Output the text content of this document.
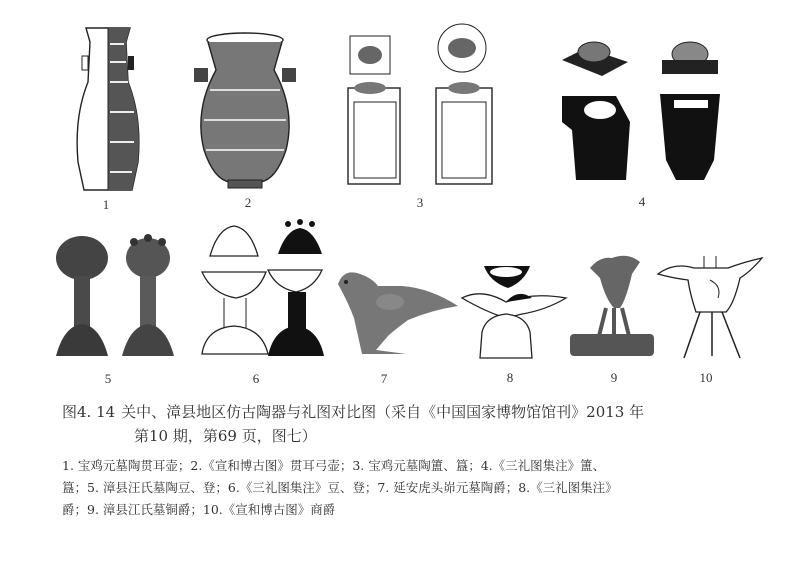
1	2	3	4
5	6	7	8	9	10
图4. 14 关中、漳县地区仿古陶器与礼图对比图（采自《中国国家博物馆馆刊》2013 年
第10 期，第69 页，图七）
1. 宝鸡元墓陶贯耳壶；2.《宣和博古图》贯耳弓壶；3. 宝鸡元墓陶簠、簋；4.《三礼图集注》簠、
簋；5. 漳县汪氏墓陶豆、登；6.《三礼图集注》豆、登；7. 延安虎头峁元墓陶爵；8.《三礼图集注》
爵；9. 漳县江氏墓铜爵；10.《宣和博古图》商爵
